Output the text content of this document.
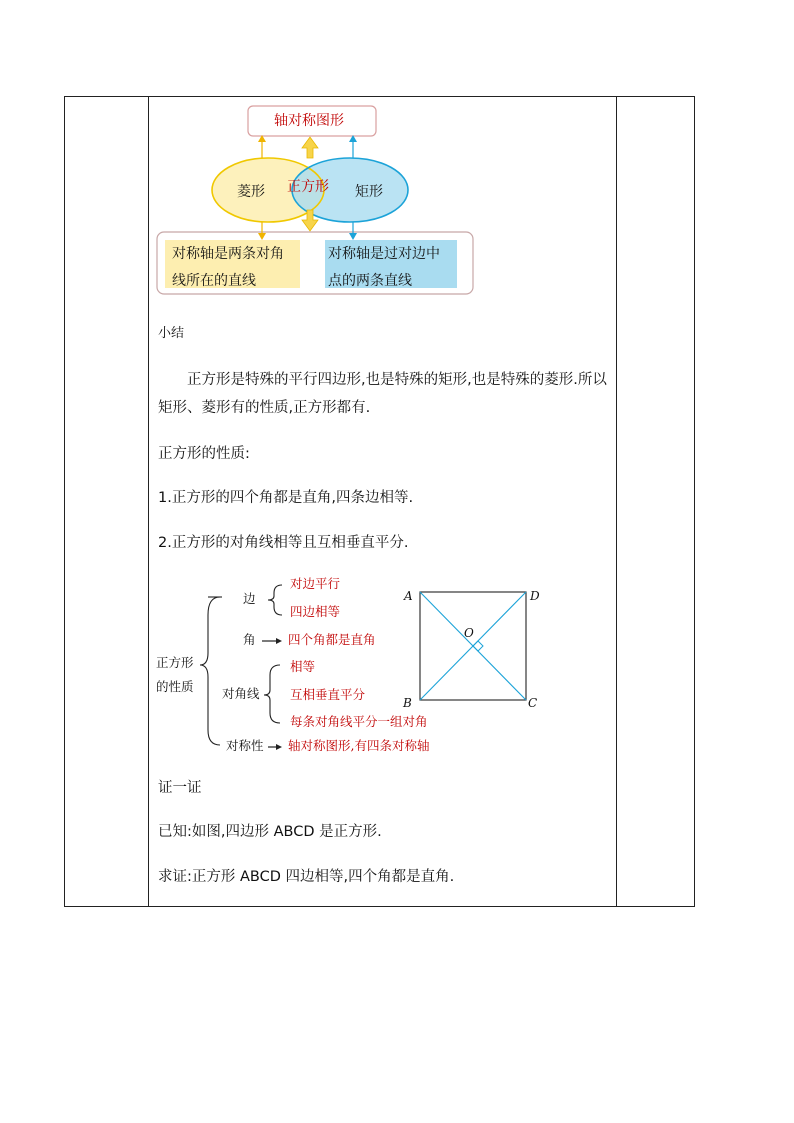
轴对称图形
菱形 正方形 矩形
对称轴是两条对角
线所在的直线
对称轴是过对边中
点的两条直线
小结
正方形是特殊的平行四边形,也是特殊的矩形,也是特殊的菱形.所以矩形、菱形有的性质,正方形都有.
正方形的性质:
1.正方形的四个角都是直角,四条边相等.
2.正方形的对角线相等且互相垂直平分.
正方形
的性质
边
对边平行
四边相等
角	四个角都是直角
对角线
相等
互相垂直平分
每条对角线平分一组对角
对称性 轴对称图形,有四条对称轴
A	D
B	C
O
证一证
已知:如图,四边形 ABCD 是正方形.
求证:正方形 ABCD 四边相等,四个角都是直角.
